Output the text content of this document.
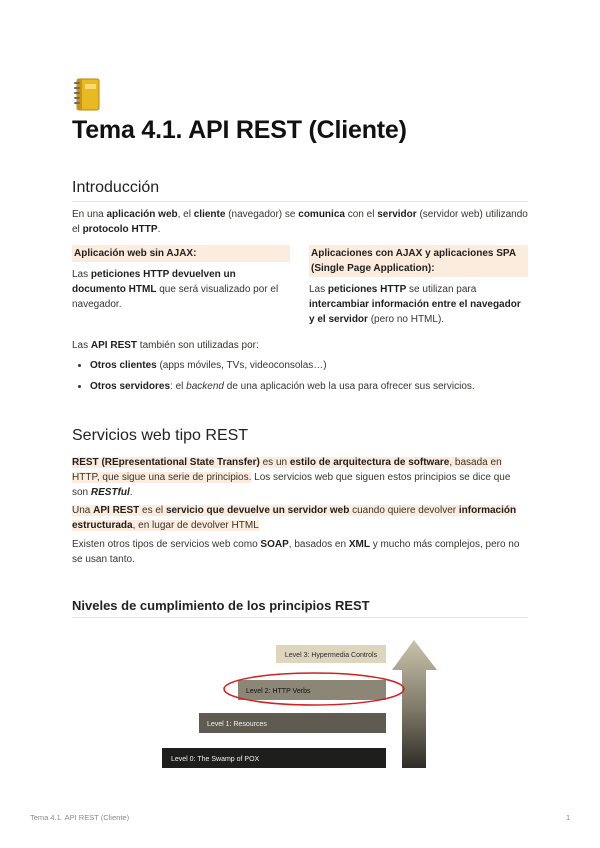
Tema 4.1. API REST (Cliente)
Introducción

En una aplicación web, el cliente (navegador) se comunica con el servidor (servidor web) utilizando el protocolo HTTP.

Aplicación web sin AJAX:

Las peticiones HTTP devuelven un documento HTML que será visualizado por el navegador.

Aplicaciones con AJAX y aplicaciones SPA (Single Page Application):

Las peticiones HTTP se utilizan para intercambiar información entre el navegador y el servidor (pero no HTML).

Las API REST también son utilizadas por:

• Otros clientes (apps móviles, TVs, videoconsolas…)
• Otros servidores: el backend de una aplicación web la usa para ofrecer sus servicios.
Servicios web tipo REST

REST (REpresentational State Transfer) es un estilo de arquitectura de software, basada en HTTP, que sigue una serie de principios. Los servicios web que siguen estos principios se dice que son RESTful.

Una API REST es el servicio que devuelve un servidor web cuando quiere devolver información estructurada, en lugar de devolver HTML

Existen otros tipos de servicios web como SOAP, basados en XML y mucho más complejos, pero no se usan tanto.

Niveles de cumplimiento de los principios REST
Level 3: Hypermedia Controls
Level 2: HTTP Verbs
Level 1: Resources
Level 0: The Swamp of POX
Tema 4.1. API REST (Cliente)	1
